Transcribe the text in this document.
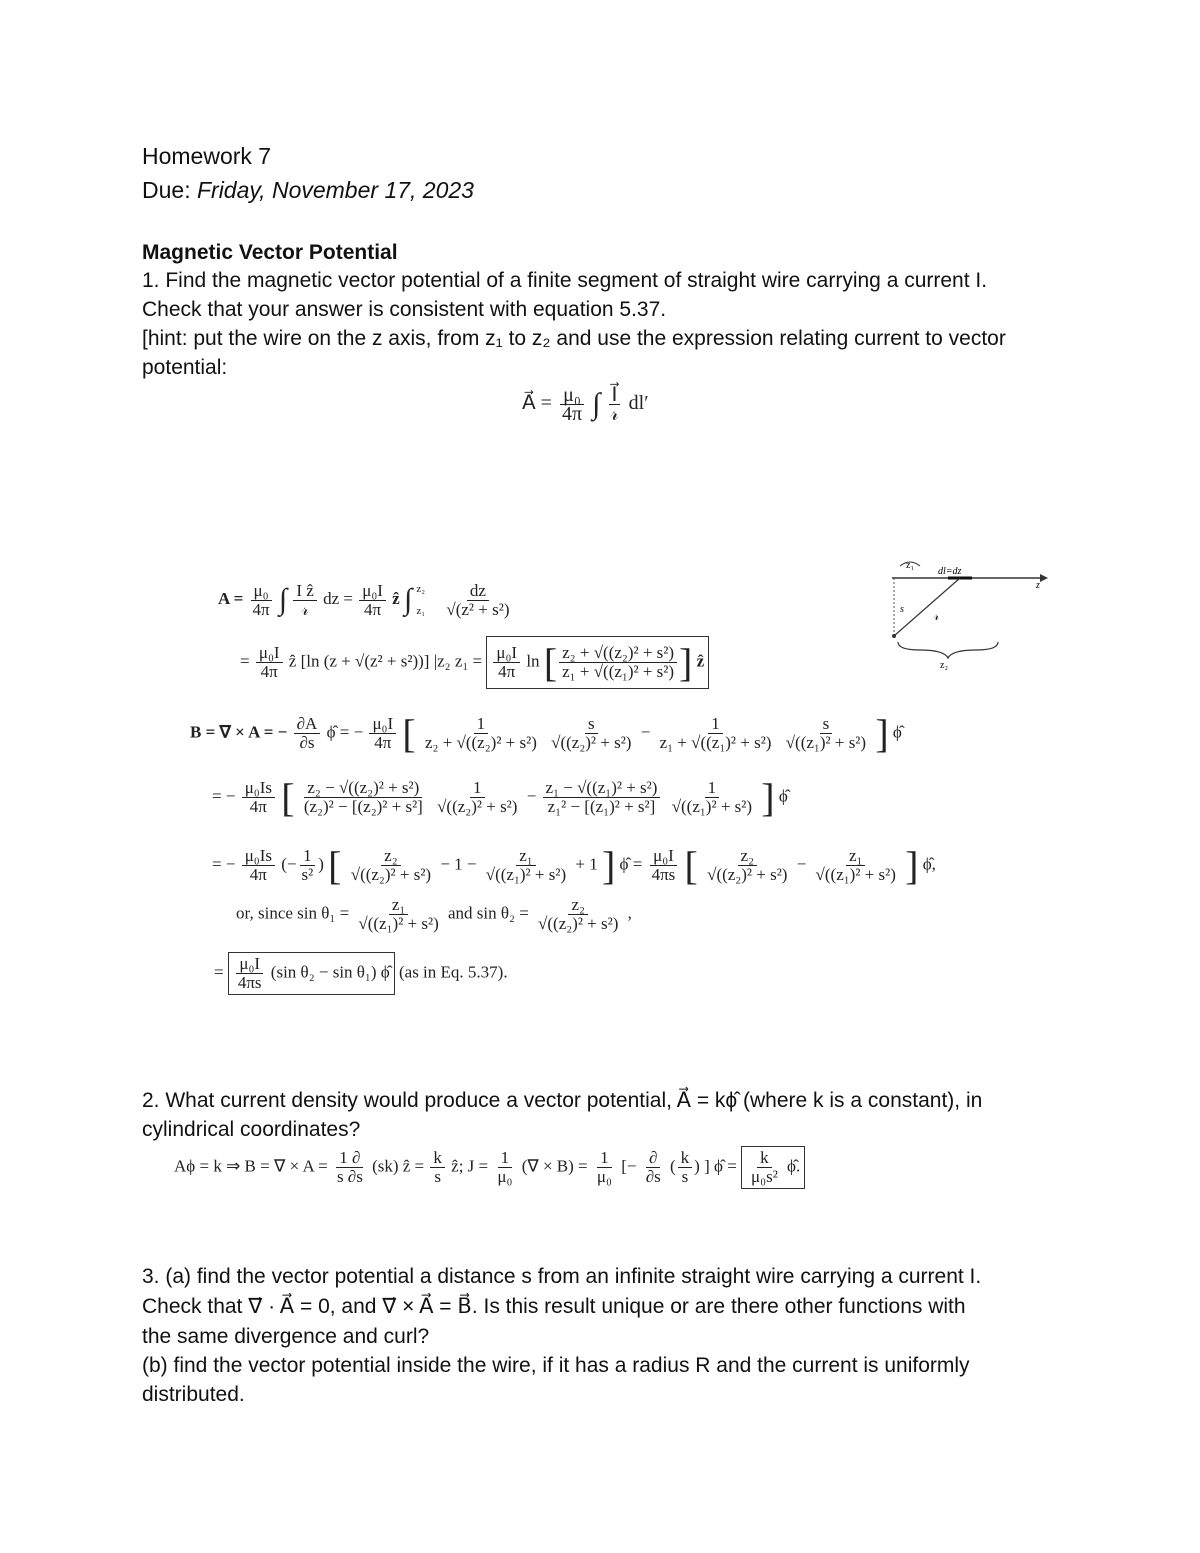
Homework 7
Due: Friday, November 17, 2023
Magnetic Vector Potential
1. Find the magnetic vector potential of a finite segment of straight wire carrying a current I.
Check that your answer is consistent with equation 5.37.
[hint: put the wire on the z axis, from z₁ to z₂ and use the expression relating current to vector
potential:
A⃗ = $\frac{\text{μ₀}}{4\pi}$ ∫ $\frac{I⃗}{\text{𝓇}} dl'$
$A = \frac{\text{μ₀}}{4\pi}$ ∫ $\frac{\text{I ẑ}}{\text{𝓇}}$ dz = $\frac{\text{μ₀I}}{4\pi}$ ẑ ∫ z₂
z₁
$\frac{dz}{\text{√(z² + s²)}}$
= $\frac{\text{μ₀I}}{4\pi}$ ẑ [ln (z + √(z² + s²))] |z₂ $z_1 = \frac{\text{μ₀I}}{4\pi}$ ln [ $\frac{\text{z₂ + √((z₂)² + s²)}}{\text{z₁ + √((z₁)² + s²)}}$ ] ẑ
B = ∇ × A = − $\frac{\partial A}{\partial s}$ ϕ̂ = − $\frac{\text{μ₀I}}{4\pi}$ [ $\frac{1}{\text{z₂ + √((z₂)² + s²)}}$
$\frac{s}{\text{√((z₂)² + s²)}} - \frac{1}{\text{z₁ + √((z₁)² + s²)}}$
$\frac{s}{\text{√((z₁)² + s²)}}$ ] ϕ̂
= − $\frac{\text{μ₀Is}}{4\pi}$ [ $\frac{\text{z₂ − √((z₂)² + s²)}}{\text{(z₂)² − [(z₂)² + s²]}}$
$\frac{1}{\text{√((z₂)² + s²)}} - \frac{\text{z₁ − √((z₁)² + s²)}}{\text{z₁² − [(z₁)² + s²]}}$
$\frac{1}{\text{√((z₁)² + s²)}}$ ] ϕ̂
= − $\frac{\text{μ₀Is}}{4\pi}$ (− $\frac{1}{\text{s²}}$ ) [ $\frac{\text{z₂}}{\text{√((z₂)² + s²)}} - 1 - \frac{\text{z₁}}{\text{√((z₁)² + s²)}} + 1$ ] ϕ̂ = $\frac{\text{μ₀I}}{4\pi s}$ [ $\frac{\text{z₂}}{\text{√((z₂)² + s²)}} - \frac{\text{z₁}}{\text{√((z₁)² + s²)}}$ ] ϕ̂,
or, since $\sin \theta_1 = \frac{\text{z₁}}{\text{√((z₁)² + s²)}}$ and $\sin \theta_2 = \frac{\text{z₂}}{\text{√((z₂)² + s²)}}$ ,
= $\frac{\text{μ₀I}}{4\pi s} (\sin$ θ₂ − sin θ₁) ϕ̂ (as in Eq. 5.37).
z₁
dl=dz
z
s	𝓇
z₂
2. What current density would produce a vector potential, A⃗ = kϕ̂ (where k is a constant), in
cylindrical coordinates?
Aϕ = k ⇒ B = ∇ × $A = \frac{1 \partial}{s \partial s} (sk)$ ẑ = $\frac{k}{s}$ ẑ; $J = \frac{1}{\text{μ₀}}$ (∇ × $B) = \frac{1}{\text{μ₀}}$ [− $\frac{\partial}{\partial s}$ ( $\frac{k}{s}$ ) ] ϕ̂ = $\frac{k}{\text{μ₀s²}}$ ϕ̂.
3. (a) find the vector potential a distance s from an infinite straight wire carrying a current I.
Check that ∇⃗ · A⃗ = 0, and ∇⃗ × A⃗ = B⃗. Is this result unique or are there other functions with
the same divergence and curl?
(b) find the vector potential inside the wire, if it has a radius R and the current is uniformly
distributed.
